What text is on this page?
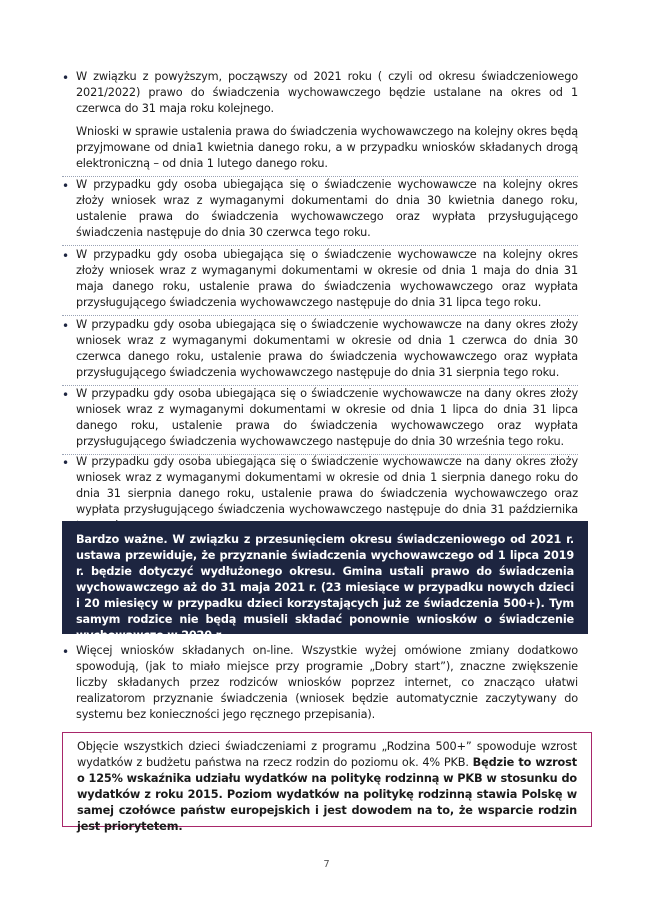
• W związku z powyższym, począwszy od 2021 roku ( czyli od okresu świadczeniowego 2021/2022) prawo do świadczenia wychowawczego będzie ustalane na okres od 1 czerwca do 31 maja roku kolejnego.

Wnioski w sprawie ustalenia prawa do świadczenia wychowawczego na kolejny okres będą przyjmowane od dnia1 kwietnia danego roku, a w przypadku wniosków składanych drogą elektroniczną – od dnia 1 lutego danego roku.

• W przypadku gdy osoba ubiegająca się o świadczenie wychowawcze na kolejny okres złoży wniosek wraz z wymaganymi dokumentami do dnia 30 kwietnia danego roku, ustalenie prawa do świadczenia wychowawczego oraz wypłata przysługującego świadczenia następuje do dnia 30 czerwca tego roku.

• W przypadku gdy osoba ubiegająca się o świadczenie wychowawcze na kolejny okres złoży wniosek wraz z wymaganymi dokumentami w okresie od dnia 1 maja do dnia 31 maja danego roku, ustalenie prawa do świadczenia wychowawczego oraz wypłata przysługującego świadczenia wychowawczego następuje do dnia 31 lipca tego roku.

• W przypadku gdy osoba ubiegająca się o świadczenie wychowawcze na dany okres złoży wniosek wraz z wymaganymi dokumentami w okresie od dnia 1 czerwca do dnia 30 czerwca danego roku, ustalenie prawa do świadczenia wychowawczego oraz wypłata przysługującego świadczenia wychowawczego następuje do dnia 31 sierpnia tego roku.

• W przypadku gdy osoba ubiegająca się o świadczenie wychowawcze na dany okres złoży wniosek wraz z wymaganymi dokumentami w okresie od dnia 1 lipca do dnia 31 lipca danego roku, ustalenie prawa do świadczenia wychowawczego oraz wypłata przysługującego świadczenia wychowawczego następuje do dnia 30 września tego roku.

• W przypadku gdy osoba ubiegająca się o świadczenie wychowawcze na dany okres złoży wniosek wraz z wymaganymi dokumentami w okresie od dnia 1 sierpnia danego roku do dnia 31 sierpnia danego roku, ustalenie prawa do świadczenia wychowawczego oraz wypłata przysługującego świadczenia wychowawczego następuje do dnia 31 października

Bardzo ważne. W związku z przesunięciem okresu świadczeniowego od 2021 r. ustawa przewiduje, że przyznanie świadczenia wychowawczego od 1 lipca 2019 r. będzie dotyczyć wydłużonego okresu. Gmina ustali prawo do świadczenia wychowawczego aż do 31 maja 2021 r. (23 miesiące w przypadku nowych dzieci i 20 miesięcy w przypadku dzieci korzystających już ze świadczenia 500+). Tym samym rodzice nie będą musieli składać ponownie wniosków o świadczenie wychowawcze w 2020 r.

• Więcej wniosków składanych on-line. Wszystkie wyżej omówione zmiany dodatkowo spowodują, (jak to miało miejsce przy programie „Dobry start”), znaczne zwiększenie liczby składanych przez rodziców wniosków poprzez internet, co znacząco ułatwi realizatorom przyznanie świadczenia (wniosek będzie automatycznie zaczytywany do systemu bez konieczności jego ręcznego przepisania).

Objęcie wszystkich dzieci świadczeniami z programu „Rodzina 500+” spowoduje wzrost wydatków z budżetu państwa na rzecz rodzin do poziomu ok. 4% PKB. Będzie to wzrost o 125% wskaźnika udziału wydatków na politykę rodzinną w PKB w stosunku do wydatków z roku 2015. Poziom wydatków na politykę rodzinną stawia Polskę w samej czołówce państw europejskich i jest dowodem na to, że wsparcie rodzin jest priorytetem.

7
